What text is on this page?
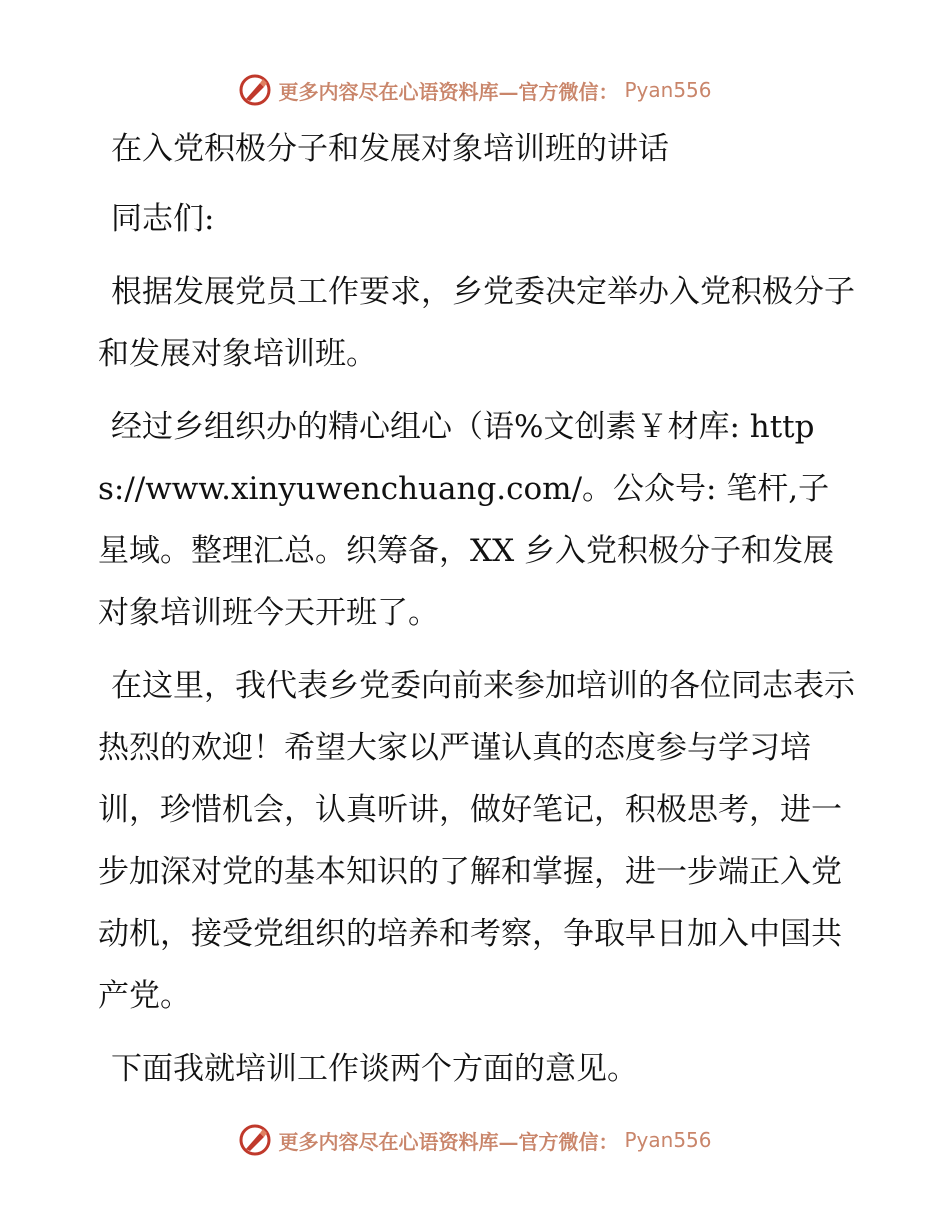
更多内容尽在心语资料库—官方微信： Pyan556

在入党积极分子和发展对象培训班的讲话

同志们:

根据发展党员工作要求，乡党委决定举办入党积极分子和发展对象培训班。

经过乡组织办的精心组心（语%文创素￥材库: https://www.xinyuwenchuang.com/。公众号: 笔杆,子星域。整理汇总。织筹备，XX 乡入党积极分子和发展对象培训班今天开班了。

在这里，我代表乡党委向前来参加培训的各位同志表示热烈的欢迎！希望大家以严谨认真的态度参与学习培训，珍惜机会，认真听讲，做好笔记，积极思考，进一步加深对党的基本知识的了解和掌握，进一步端正入党动机，接受党组织的培养和考察，争取早日加入中国共产党。

下面我就培训工作谈两个方面的意见。

更多内容尽在心语资料库—官方微信： Pyan556
